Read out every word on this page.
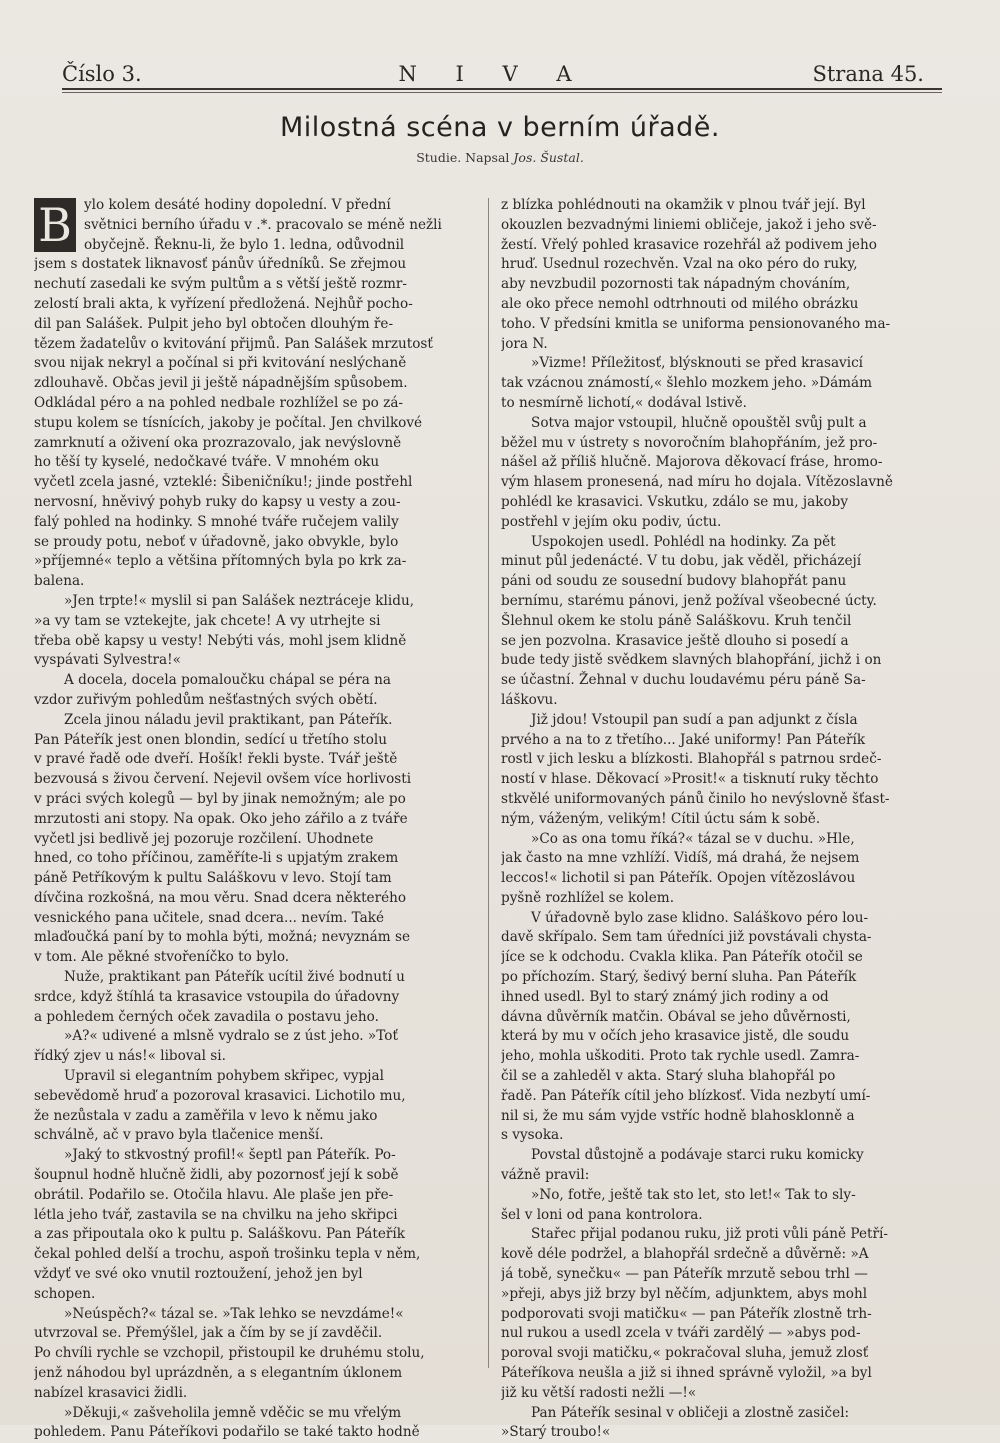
Číslo 3.	N I V A	Strana 45.
Milostná scéna v berním úřadě.
Studie. Napsal Jos. Šustal.
B ylo kolem desáté hodiny dopolední. V přední
světnici berního úřadu v .*. pracovalo se méně nežli
obyčejně. Řeknu-li, že bylo 1. ledna, odůvodnil
jsem s dostatek liknavosť pánův úředníků. Se zřejmou
nechutí zasedali ke svým pultům a s větší ještě rozmr-
zelostí brali akta, k vyřízení předložená. Nejhůř pocho-
dil pan Salášek. Pulpit jeho byl obtočen dlouhým ře-
tězem žadatelův o kvitování přijmů. Pan Salášek mrzutosť
svou nijak nekryl a počínal si při kvitování neslýchaně
zdlouhavě. Občas jevil ji ještě nápadnějším spůsobem.
Odkládal péro a na pohled nedbale rozhlížel se po zá-
stupu kolem se tísnících, jakoby je počítal. Jen chvilkové
zamrknutí a oživení oka prozrazovalo, jak nevýslovně
ho těší ty kyselé, nedočkavé tváře. V mnohém oku
vyčetl zcela jasné, vzteklé: Šibeničníku!; jinde postřehl
nervosní, hněvivý pohyb ruky do kapsy u vesty a zou-
falý pohled na hodinky. S mnohé tváře ručejem valily
se proudy potu, neboť v úřadovně, jako obvykle, bylo
»příjemné« teplo a většina přítomných byla po krk za-
balena.
»Jen trpte!« myslil si pan Salášek neztráceje klidu,
»a vy tam se vztekejte, jak chcete! A vy utrhejte si
třeba obě kapsy u vesty! Nebýti vás, mohl jsem klidně
vyspávati Sylvestra!«
A docela, docela pomaloučku chápal se péra na
vzdor zuřivým pohledům nešťastných svých obětí.
Zcela jinou náladu jevil praktikant, pan Páteřík.
Pan Páteřík jest onen blondin, sedící u třetího stolu
v pravé řadě ode dveří. Hošík! řekli byste. Tvář ještě
bezvousá s živou červení. Nejevil ovšem více horlivosti
v práci svých kolegů — byl by jinak nemožným; ale po
mrzutosti ani stopy. Na opak. Oko jeho zářilo a z tváře
vyčetl jsi bedlivě jej pozoruje rozčilení. Uhodnete
hned, co toho příčinou, zaměříte-li s upjatým zrakem
páně Petříkovým k pultu Saláškovu v levo. Stojí tam
dívčina rozkošná, na mou věru. Snad dcera některého
vesnického pana učitele, snad dcera... nevím. Také
mlaďoučká paní by to mohla býti, možná; nevyznám se
v tom. Ale pěkné stvořeníčko to bylo.
Nuže, praktikant pan Páteřík ucítil živé bodnutí u
srdce, když štíhlá ta krasavice vstoupila do úřadovny
a pohledem černých oček zavadila o postavu jeho.
»A?« udivené a mlsně vydralo se z úst jeho. »Toť
řídký zjev u nás!« liboval si.
Upravil si elegantním pohybem skřipec, vypjal
sebevědomě hruď a pozoroval krasavici. Lichotilo mu,
že nezůstala v zadu a zaměřila v levo k němu jako
schválně, ač v pravo byla tlačenice menší.
»Jaký to stkvostný profil!« šeptl pan Páteřík. Po-
šoupnul hodně hlučně židli, aby pozornosť její k sobě
obrátil. Podařilo se. Otočila hlavu. Ale plaše jen pře-
létla jeho tvář, zastavila se na chvilku na jeho skřipci
a zas připoutala oko k pultu p. Saláškovu. Pan Páteřík
čekal pohled delší a trochu, aspoň trošinku tepla v něm,
vždyť ve své oko vnutil roztoužení, jehož jen byl
schopen.
»Neúspěch?« tázal se. »Tak lehko se nevzdáme!«
utvrzoval se. Přemýšlel, jak a čím by se jí zavděčil.
Po chvíli rychle se vzchopil, přistoupil ke druhému stolu,
jenž náhodou byl uprázdněn, a s elegantním úklonem
nabízel krasavici židli.
»Děkuji,« zašveholila jemně vděčic se mu vřelým
pohledem. Panu Páteříkovi podařilo se také takto hodně
z blízka pohlédnouti na okamžik v plnou tvář její. Byl
okouzlen bezvadnými liniemi obličeje, jakož i jeho svě-
žestí. Vřelý pohled krasavice rozehřál až podivem jeho
hruď. Usednul rozechvěn. Vzal na oko péro do ruky,
aby nevzbudil pozornosti tak nápadným chováním,
ale oko přece nemohl odtrhnouti od milého obrázku
toho. V předsíni kmitla se uniforma pensionovaného ma-
jora N.
»Vizme! Příležitosť, blýsknouti se před krasavicí
tak vzácnou známostí,« šlehlo mozkem jeho. »Dámám
to nesmírně lichotí,« dodával lstivě.
Sotva major vstoupil, hlučně opouštěl svůj pult a
běžel mu v ústrety s novoročním blahopřáním, jež pro-
nášel až příliš hlučně. Majorova děkovací fráse, hromo-
vým hlasem pronesená, nad míru ho dojala. Vítězoslavně
pohlédl ke krasavici. Vskutku, zdálo se mu, jakoby
postřehl v jejím oku podiv, úctu.
Uspokojen usedl. Pohlédl na hodinky. Za pět
minut půl jedenácté. V tu dobu, jak věděl, přicházejí
páni od soudu ze sousední budovy blahopřát panu
bernímu, starému pánovi, jenž požíval všeobecné úcty.
Šlehnul okem ke stolu páně Saláškovu. Kruh tenčil
se jen pozvolna. Krasavice ještě dlouho si posedí a
bude tedy jistě svědkem slavných blahopřání, jichž i on
se účastní. Žehnal v duchu loudavému péru páně Sa-
láškovu.
Již jdou! Vstoupil pan sudí a pan adjunkt z čísla
prvého a na to z třetího... Jaké uniformy! Pan Páteřík
rostl v jich lesku a blízkosti. Blahopřál s patrnou srdeč-
ností v hlase. Děkovací »Prosit!« a tisknutí ruky těchto
stkvělé uniformovaných pánů činilo ho nevýslovně šťast-
ným, váženým, velikým! Cítil úctu sám k sobě.
»Co as ona tomu říká?« tázal se v duchu. »Hle,
jak často na mne vzhlíží. Vidíš, má drahá, že nejsem
leccos!« lichotil si pan Páteřík. Opojen vítězoslávou
pyšně rozhlížel se kolem.
V úřadovně bylo zase klidno. Saláškovo péro lou-
davě skřípalo. Sem tam úředníci již povstávali chysta-
jíce se k odchodu. Cvakla klika. Pan Páteřík otočil se
po příchozím. Starý, šedivý berní sluha. Pan Páteřík
ihned usedl. Byl to starý známý jich rodiny a od
dávna důvěrník matčin. Obával se jeho důvěrnosti,
která by mu v očích jeho krasavice jistě, dle soudu
jeho, mohla uškoditi. Proto tak rychle usedl. Zamra-
čil se a zahleděl v akta. Starý sluha blahopřál po
řadě. Pan Páteřík cítil jeho blízkosť. Vida nezbytí umí-
nil si, že mu sám vyjde vstříc hodně blahosklonně a
s vysoka.
Povstal důstojně a podávaje starci ruku komicky
vážně pravil:
»No, fotře, ještě tak sto let, sto let!« Tak to sly-
šel v loni od pana kontrolora.
Stařec přijal podanou ruku, již proti vůli páně Petří-
kově déle podržel, a blahopřál srdečně a důvěrně: »A
já tobě, synečku« — pan Páteřík mrzutě sebou trhl —
»přeji, abys již brzy byl něčím, adjunktem, abys mohl
podporovati svoji matičku« — pan Páteřík zlostně trh-
nul rukou a usedl zcela v tváři zardělý — »abys pod-
poroval svoji matičku,« pokračoval sluha, jemuž zlosť
Páteříkova neušla a již si ihned správně vyložil, »a byl
již ku větší radosti nežli —!«
Pan Páteřík sesinal v obličeji a zlostně zasičel:
»Starý troubo!«
